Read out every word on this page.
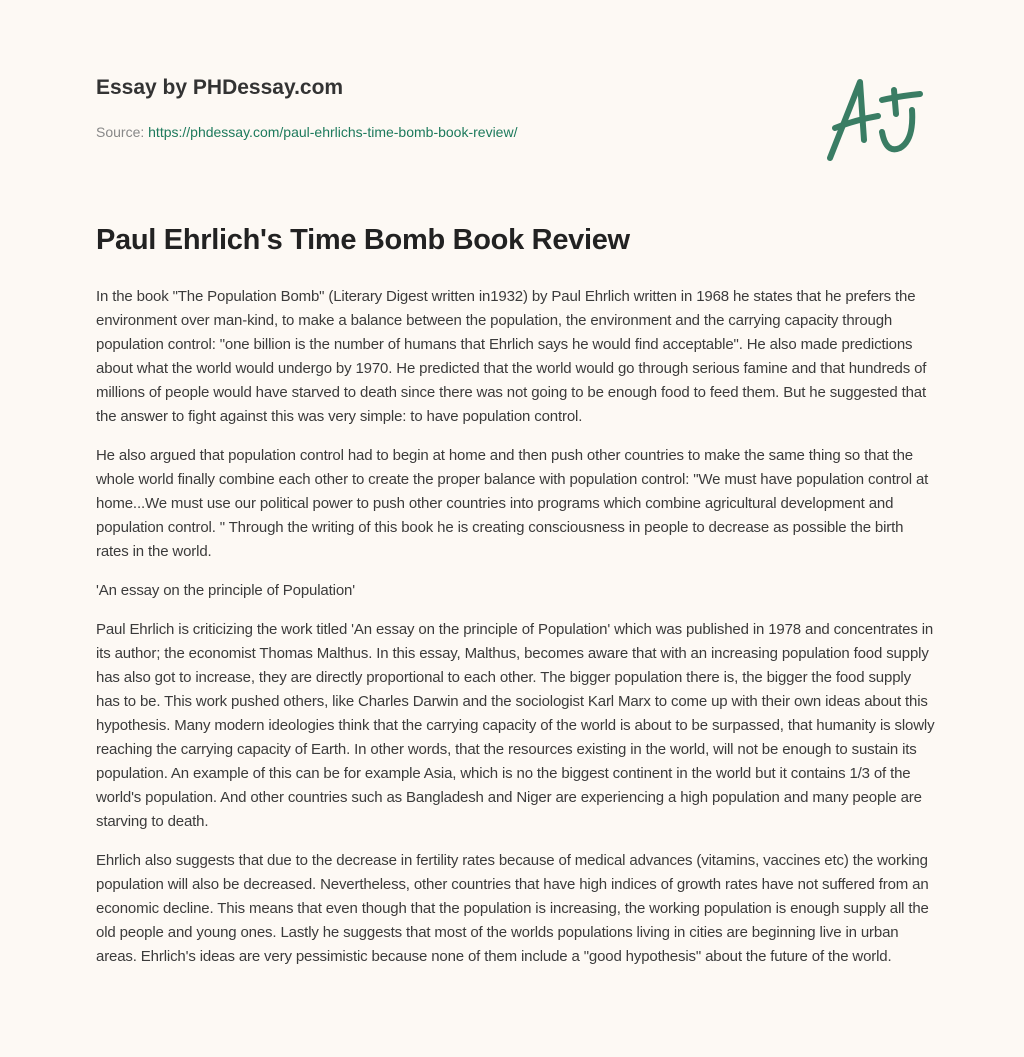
Essay by PHDessay.com
Source: https://phdessay.com/paul-ehrlichs-time-bomb-book-review/
Paul Ehrlich's Time Bomb Book Review

In the book "The Population Bomb" (Literary Digest written in1932) by Paul Ehrlich written in 1968 he states that he prefers the environment over man-kind, to make a balance between the population, the environment and the carrying capacity through population control: "one billion is the number of humans that Ehrlich says he would find acceptable". He also made predictions about what the world would undergo by 1970. He predicted that the world would go through serious famine and that hundreds of millions of people would have starved to death since there was not going to be enough food to feed them. But he suggested that the answer to fight against this was very simple: to have population control.

He also argued that population control had to begin at home and then push other countries to make the same thing so that the whole world finally combine each other to create the proper balance with population control: "We must have population control at home...We must use our political power to push other countries into programs which combine agricultural development and population control. " Through the writing of this book he is creating consciousness in people to decrease as possible the birth rates in the world.

'An essay on the principle of Population'

Paul Ehrlich is criticizing the work titled 'An essay on the principle of Population' which was published in 1978 and concentrates in its author; the economist Thomas Malthus. In this essay, Malthus, becomes aware that with an increasing population food supply has also got to increase, they are directly proportional to each other. The bigger population there is, the bigger the food supply has to be. This work pushed others, like Charles Darwin and the sociologist Karl Marx to come up with their own ideas about this hypothesis. Many modern ideologies think that the carrying capacity of the world is about to be surpassed, that humanity is slowly reaching the carrying capacity of Earth. In other words, that the resources existing in the world, will not be enough to sustain its population. An example of this can be for example Asia, which is no the biggest continent in the world but it contains 1/3 of the world's population. And other countries such as Bangladesh and Niger are experiencing a high population and many people are starving to death.

Ehrlich also suggests that due to the decrease in fertility rates because of medical advances (vitamins, vaccines etc) the working population will also be decreased. Nevertheless, other countries that have high indices of growth rates have not suffered from an economic decline. This means that even though that the population is increasing, the working population is enough supply all the old people and young ones. Lastly he suggests that most of the worlds populations living in cities are beginning live in urban areas. Ehrlich's ideas are very pessimistic because none of them include a "good hypothesis" about the future of the world.
